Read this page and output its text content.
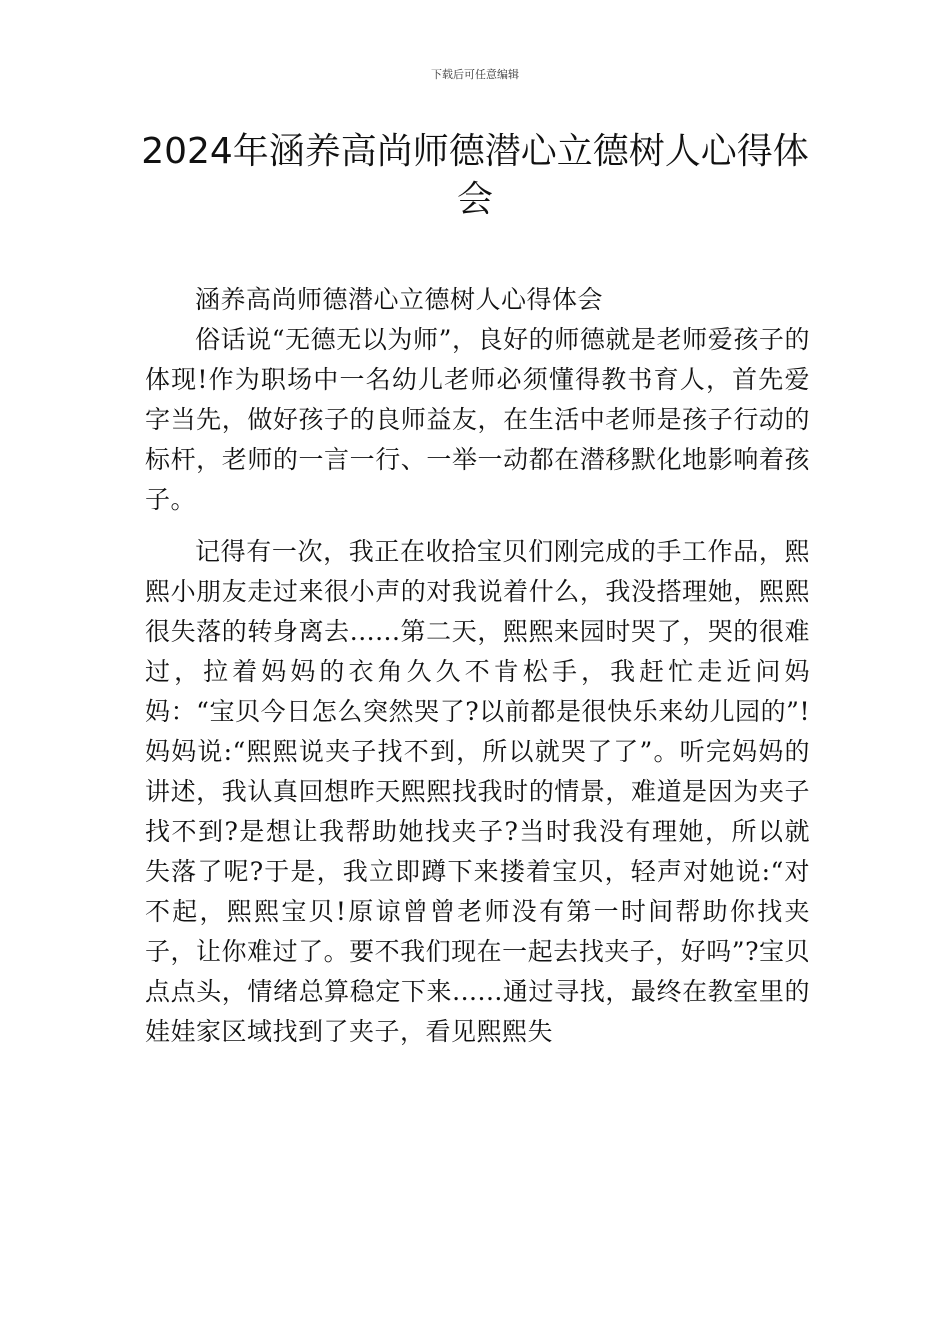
下载后可任意编辑
2024年涵养高尚师德潜心立德树人心得体会

涵养高尚师德潜心立德树人心得体会

俗话说“无德无以为师”，良好的师德就是老师爱孩子的体现!作为职场中一名幼儿老师必须懂得教书育人，首先爱字当先，做好孩子的良师益友，在生活中老师是孩子行动的标杆，老师的一言一行、一举一动都在潜移默化地影响着孩子。

记得有一次，我正在收拾宝贝们刚完成的手工作品，熙熙小朋友走过来很小声的对我说着什么，我没搭理她，熙熙很失落的转身离去......第二天，熙熙来园时哭了，哭的很难过，拉着妈妈的衣角久久不肯松手，我赶忙走近问妈妈：“宝贝今日怎么突然哭了?以前都是很快乐来幼儿园的”!妈妈说:“熙熙说夹子找不到，所以就哭了了”。听完妈妈的讲述，我认真回想昨天熙熙找我时的情景，难道是因为夹子找不到?是想让我帮助她找夹子?当时我没有理她，所以就失落了呢?于是，我立即蹲下来搂着宝贝，轻声对她说:“对不起，熙熙宝贝!原谅曾曾老师没有第一时间帮助你找夹子，让你难过了。要不我们现在一起去找夹子，好吗”?宝贝点点头，情绪总算稳定下来......通过寻找，最终在教室里的娃娃家区域找到了夹子，看见熙熙失
